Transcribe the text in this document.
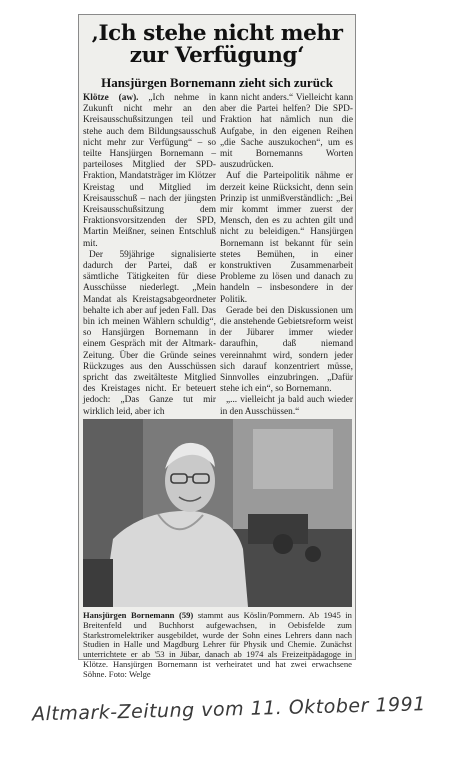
‚Ich stehe nicht mehr zur Verfügung‘
Hansjürgen Bornemann zieht sich zurück

Klötze (aw). „Ich nehme in Zukunft nicht mehr an den Kreisausschußsitzungen teil und stehe auch dem Bildungsausschuß nicht mehr zur Verfügung“ – so teilte Hansjürgen Bornemann – parteiloses Mitglied der SPD-Fraktion, Mandatsträger im Klötzer Kreistag und Mitglied im Kreisausschuß – nach der jüngsten Kreisausschußsitzung dem Fraktionsvorsitzenden der SPD, Martin Meißner, seinen Entschluß mit.

Der 59jährige signalisierte dadurch der Partei, daß er sämtliche Tätigkeiten für diese Ausschüsse niederlegt. „Mein Mandat als Kreistagsabgeordneter behalte ich aber auf jeden Fall. Das bin ich meinen Wählern schuldig“, so Hansjürgen Bornemann in einem Gespräch mit der Altmark-Zeitung. Über die Gründe seines Rückzuges aus den Ausschüssen spricht das zweitälteste Mitglied des Kreistages nicht. Er beteuert jedoch: „Das Ganze tut mir wirklich leid, aber ich

kann nicht anders.“ Vielleicht kann aber die Partei helfen? Die SPD-Fraktion hat nämlich nun die Aufgabe, in den eigenen Reihen „die Sache auszukochen“, um es mit Bornemanns Worten auszudrücken.

Auf die Parteipolitik nähme er derzeit keine Rücksicht, denn sein Prinzip ist unmißverständlich: „Bei mir kommt immer zuerst der Mensch, den es zu achten gilt und nicht zu beleidigen.“ Hansjürgen Bornemann ist bekannt für sein stetes Bemühen, in einer konstruktiven Zusammenarbeit Probleme zu lösen und danach zu handeln – insbesondere in der Politik.

Gerade bei den Diskussionen um die anstehende Gebietsreform weist der Jübarer immer wieder daraufhin, daß niemand vereinnahmt wird, sondern jeder sich darauf konzentriert müsse, Sinnvolles einzubringen. „Dafür stehe ich ein“, so Bornemann.

„... vielleicht ja bald auch wieder in den Ausschüssen.“

Hansjürgen Bornemann (59) stammt aus Köslin/Pommern. Ab 1945 in Breitenfeld und Buchhorst aufgewachsen, in Oebisfelde zum Starkstromelektriker ausgebildet, wurde der Sohn eines Lehrers dann nach Studien in Halle und Magdburg Lehrer für Physik und Chemie. Zunächst unterrichtete er ab '53 in Jübar, danach ab 1974 als Freizeitpädagoge in Klötze. Hansjürgen Bornemann ist verheiratet und hat zwei erwachsene Söhne. Foto: Welge
Altmark-Zeitung vom 11. Oktober 1991
